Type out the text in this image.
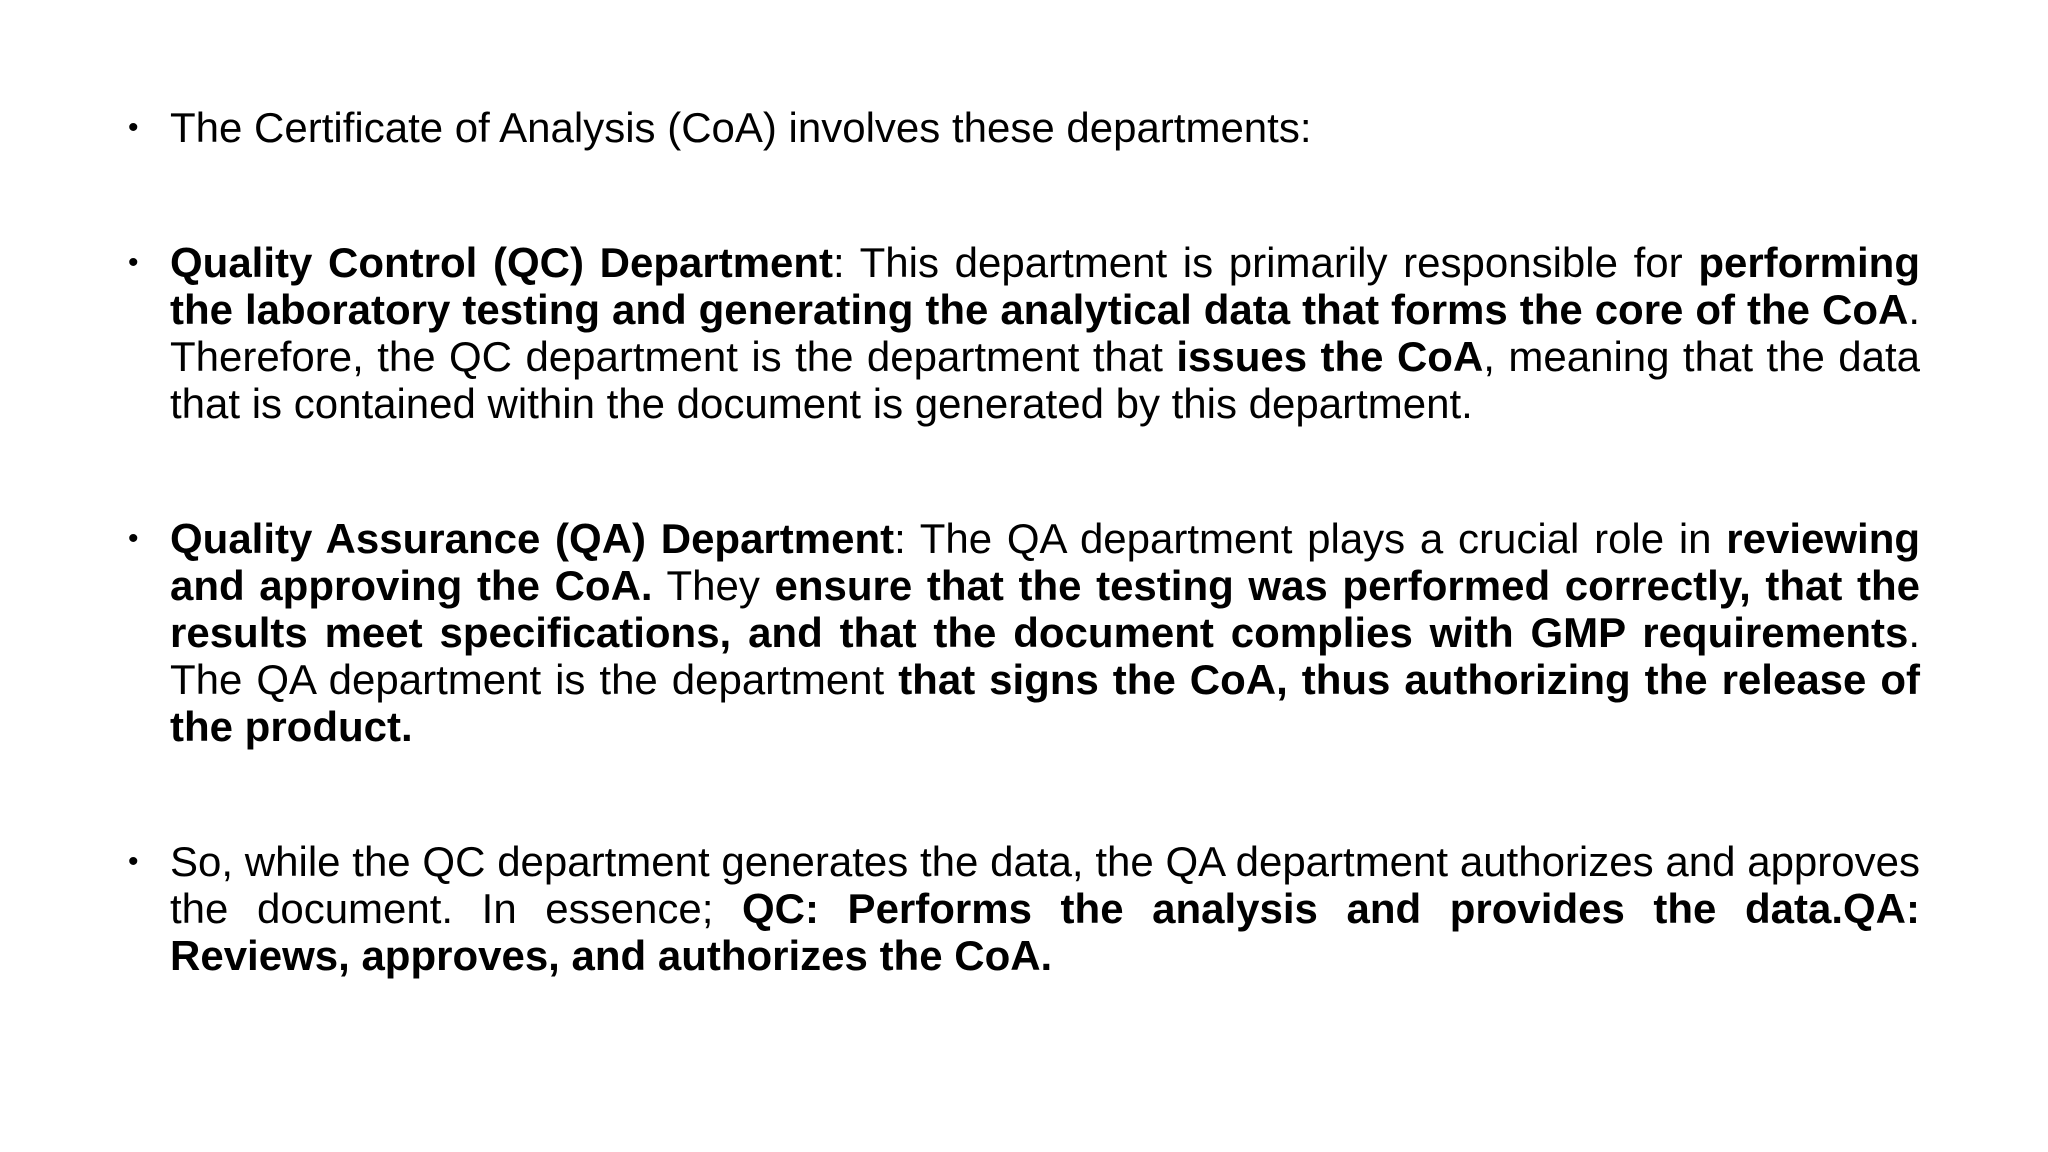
• The Certificate of Analysis (CoA) involves these departments:
• Quality Control (QC) Department: This department is primarily responsible for performing the laboratory testing and generating the analytical data that forms the core of the CoA. Therefore, the QC department is the department that issues the CoA, meaning that the data that is contained within the document is generated by this department.
• Quality Assurance (QA) Department: The QA department plays a crucial role in reviewing and approving the CoA. They ensure that the testing was performed correctly, that the results meet specifications, and that the document complies with GMP requirements. The QA department is the department that signs the CoA, thus authorizing the release of the product.
• So, while the QC department generates the data, the QA department authorizes and approves the document. In essence; QC: Performs the analysis and provides the data.QA: Reviews, approves, and authorizes the CoA.
